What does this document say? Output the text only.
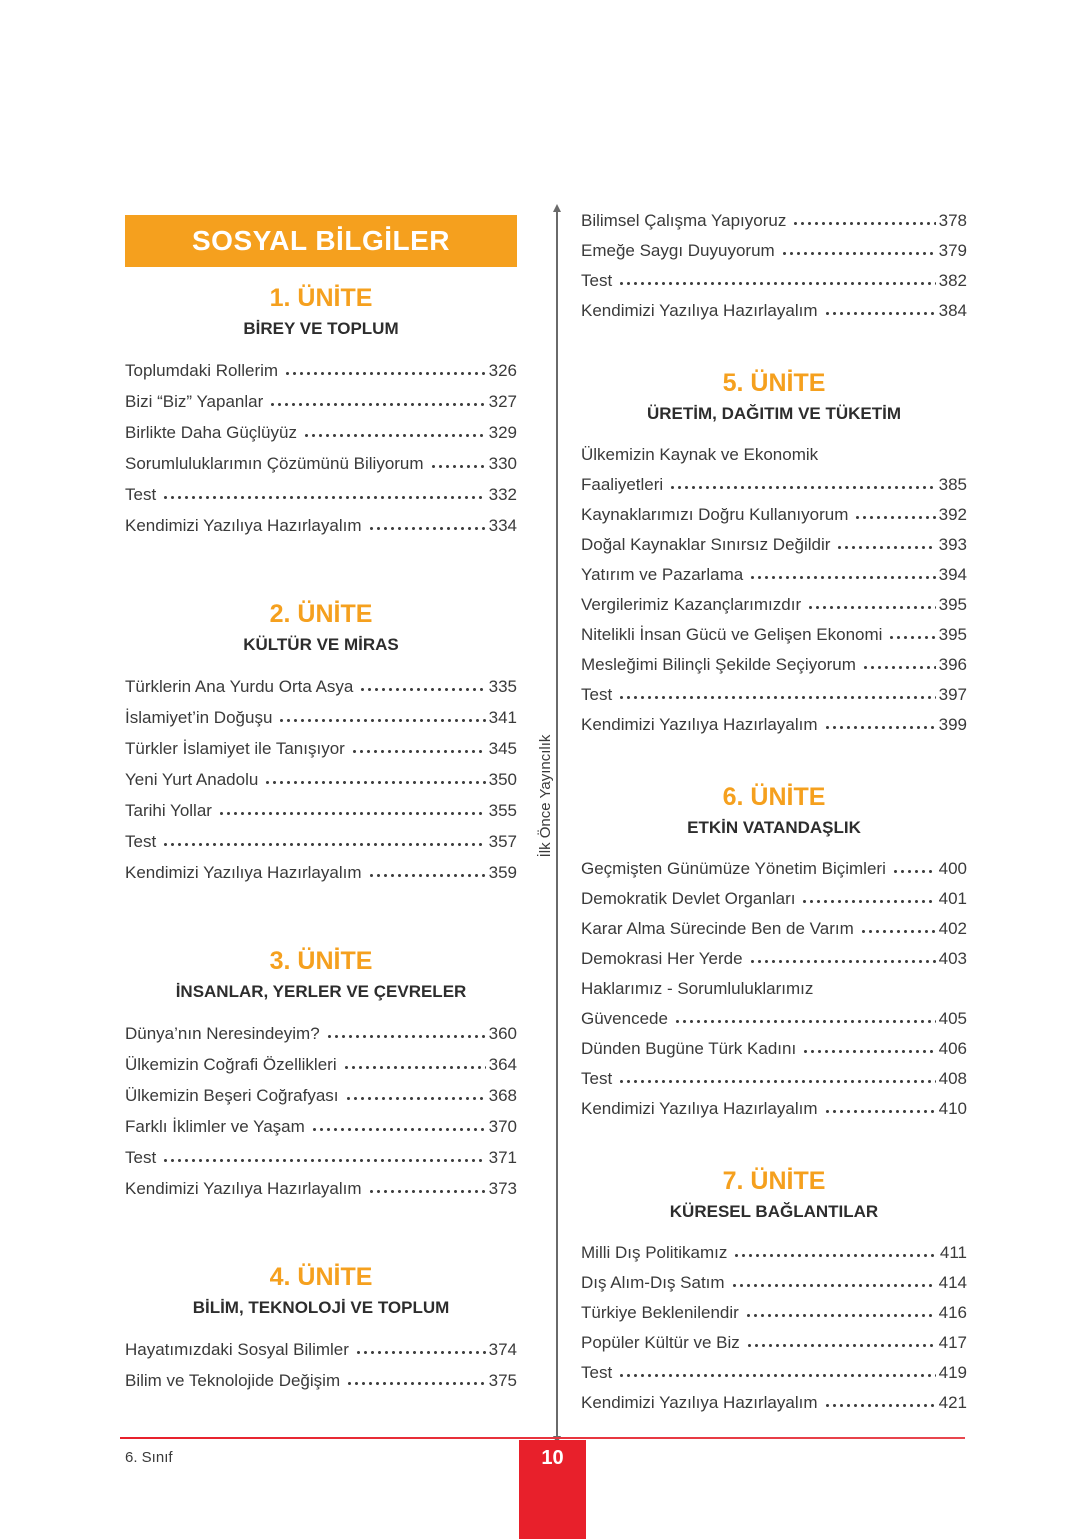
SOSYAL BİLGİLER
1. ÜNİTE
BİREY VE TOPLUM
Toplumdaki Rollerim	326
Bizi “Biz” Yapanlar	327
Birlikte Daha Güçlüyüz	329
Sorumluluklarımın Çözümünü Biliyorum	330
Test	332
Kendimizi Yazılıya Hazırlayalım	334
2. ÜNİTE
KÜLTÜR VE MİRAS
Türklerin Ana Yurdu Orta Asya	335
İslamiyet’in Doğuşu	341
Türkler İslamiyet ile Tanışıyor	345
Yeni Yurt Anadolu	350
Tarihi Yollar	355
Test	357
Kendimizi Yazılıya Hazırlayalım	359
3. ÜNİTE
İNSANLAR, YERLER VE ÇEVRELER
Dünya’nın Neresindeyim?	360
Ülkemizin Coğrafi Özellikleri	364
Ülkemizin Beşeri Coğrafyası	368
Farklı İklimler ve Yaşam	370
Test	371
Kendimizi Yazılıya Hazırlayalım	373
4. ÜNİTE
BİLİM, TEKNOLOJİ VE TOPLUM
Hayatımızdaki Sosyal Bilimler	374
Bilim ve Teknolojide Değişim	375
Bilimsel Çalışma Yapıyoruz	378
Emeğe Saygı Duyuyorum	379
Test	382
Kendimizi Yazılıya Hazırlayalım	384
5. ÜNİTE
ÜRETİM, DAĞITIM VE TÜKETİM
Ülkemizin Kaynak ve Ekonomik
Faaliyetleri	385
Kaynaklarımızı Doğru Kullanıyorum	392
Doğal Kaynaklar Sınırsız Değildir	393
Yatırım ve Pazarlama	394
Vergilerimiz Kazançlarımızdır	395
Nitelikli İnsan Gücü ve Gelişen Ekonomi	395
Mesleğimi Bilinçli Şekilde Seçiyorum	396
Test	397
Kendimizi Yazılıya Hazırlayalım	399
6. ÜNİTE
ETKİN VATANDAŞLIK
Geçmişten Günümüze Yönetim Biçimleri	400
Demokratik Devlet Organları	401
Karar Alma Sürecinde Ben de Varım	402
Demokrasi Her Yerde	403
Haklarımız - Sorumluluklarımız
Güvencede	405
Dünden Bugüne Türk Kadını	406
Test	408
Kendimizi Yazılıya Hazırlayalım	410
7. ÜNİTE
KÜRESEL BAĞLANTILAR
Milli Dış Politikamız	411
Dış Alım-Dış Satım	414
Türkiye Beklenilendir	416
Popüler Kültür ve Biz	417
Test	419
Kendimizi Yazılıya Hazırlayalım	421
İlk Önce Yayıncılık
6. Sınıf	10
